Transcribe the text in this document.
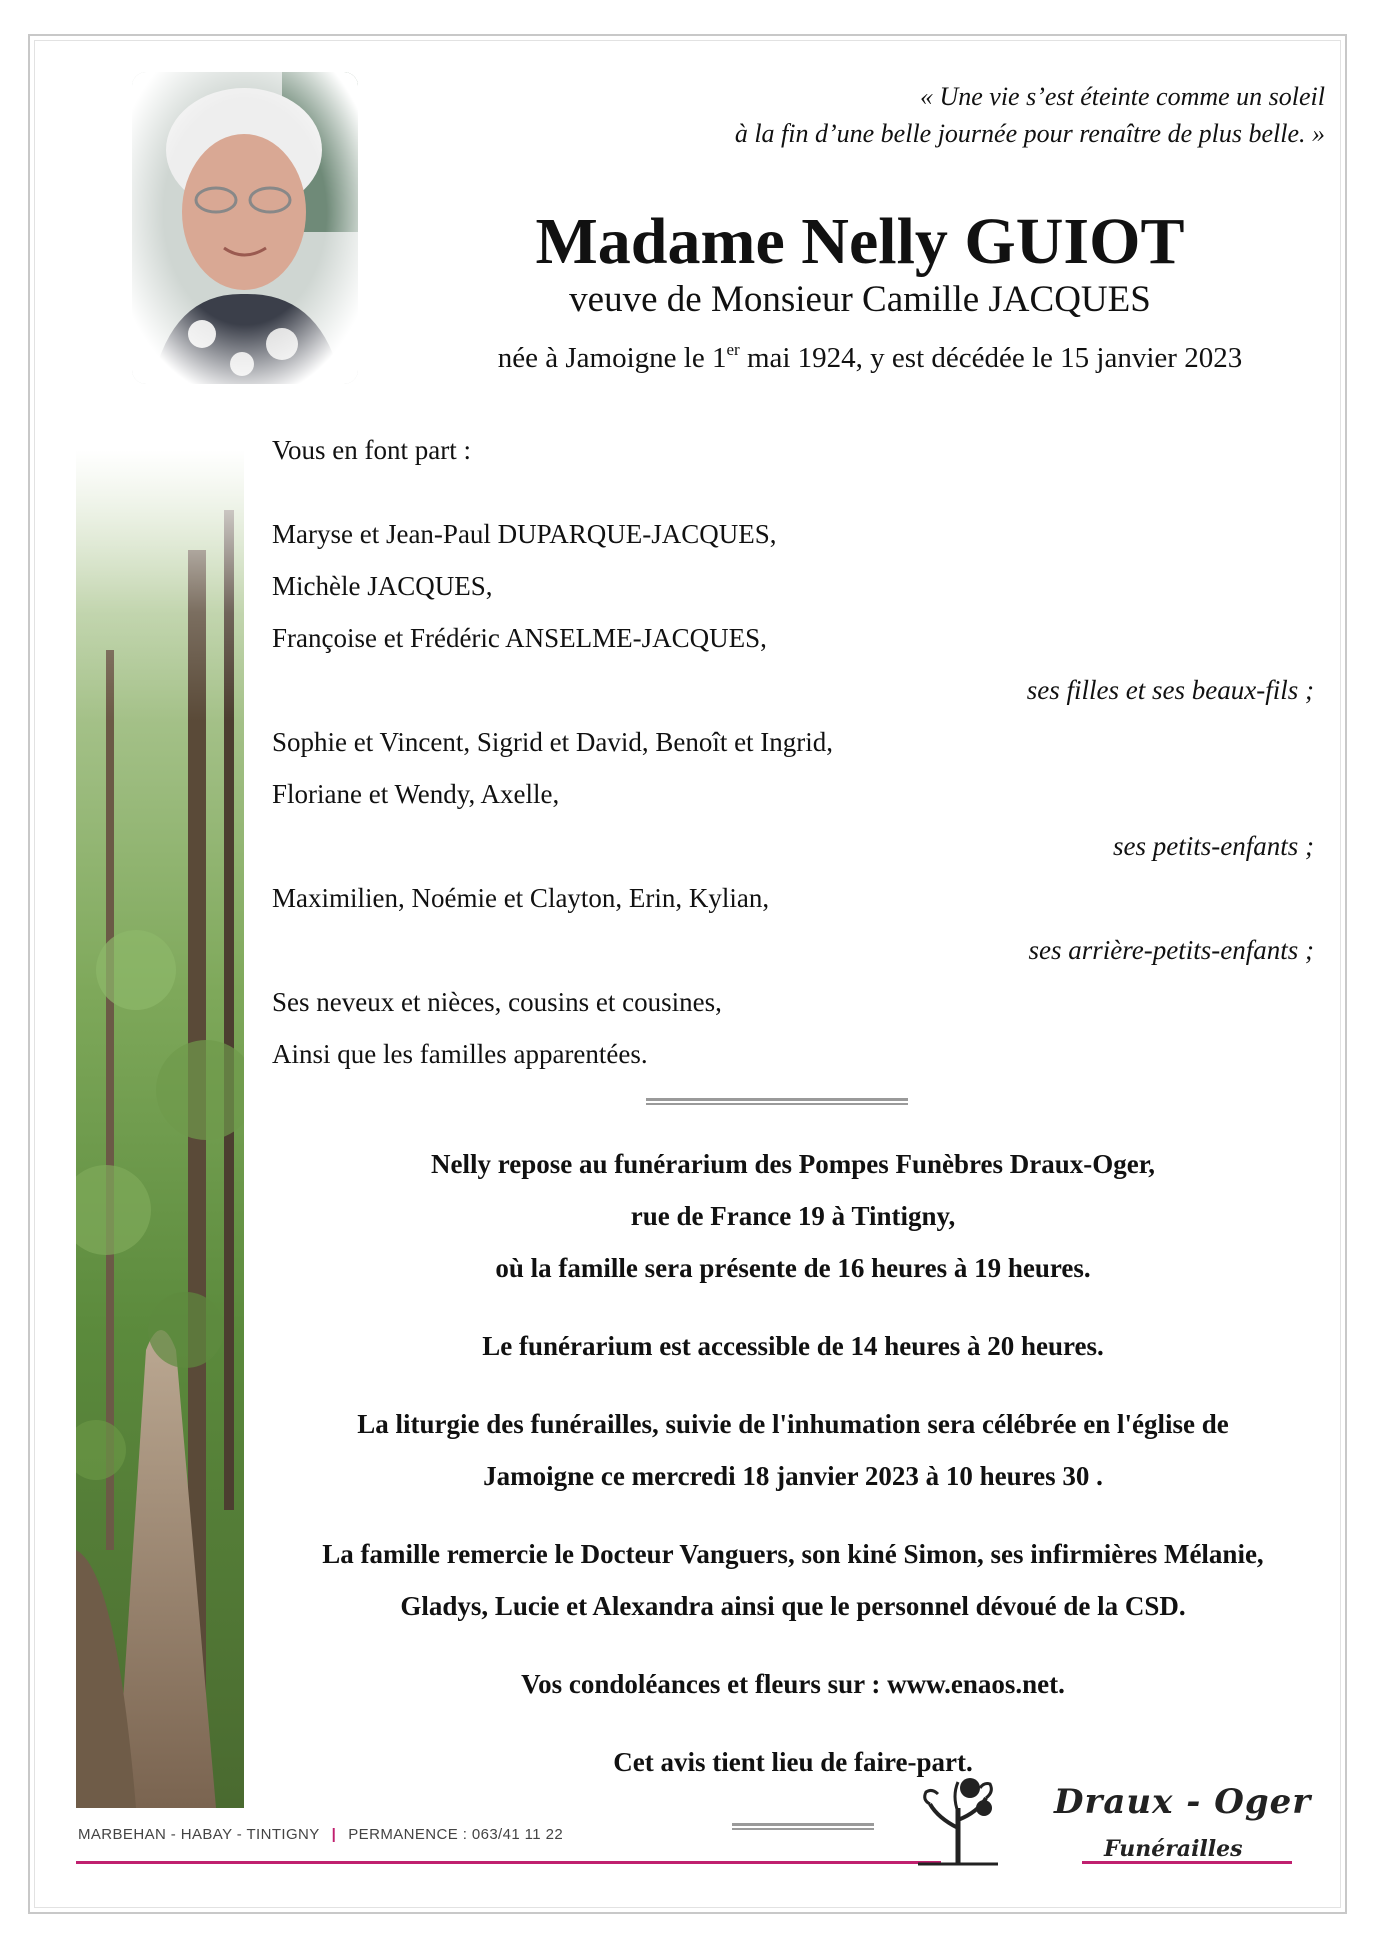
« Une vie s’est éteinte comme un soleil
à la fin d’une belle journée pour renaître de plus belle. »
Madame Nelly GUIOT
veuve de Monsieur Camille JACQUES
née à Jamoigne le 1er mai 1924, y est décédée le 15 janvier 2023
Vous en font part :
Maryse et Jean-Paul DUPARQUE-JACQUES,
Michèle JACQUES,
Françoise et Frédéric ANSELME-JACQUES,
ses filles et ses beaux-fils ;
Sophie et Vincent, Sigrid et David, Benoît et Ingrid,
Floriane et Wendy, Axelle,
ses petits-enfants ;
Maximilien, Noémie et Clayton, Erin, Kylian,
ses arrière-petits-enfants ;
Ses neveux et nièces, cousins et cousines,
Ainsi que les familles apparentées.

Nelly repose au funérarium des Pompes Funèbres Draux-Oger,

rue de France 19 à Tintigny,

où la famille sera présente de 16 heures à 19 heures.

Le funérarium est accessible de 14 heures à 20 heures.

La liturgie des funérailles, suivie de l'inhumation sera célébrée en l'église de

Jamoigne ce mercredi 18 janvier 2023 à 10 heures 30 .

La famille remercie le Docteur Vanguers, son kiné Simon, ses infirmières Mélanie,

Gladys, Lucie et Alexandra ainsi que le personnel dévoué de la CSD.

Vos condoléances et fleurs sur : www.enaos.net.

Cet avis tient lieu de faire-part.

MARBEHAN - HABAY - TINTIGNY | PERMANENCE : 063/41 11 22
Draux - Oger
Funérailles
